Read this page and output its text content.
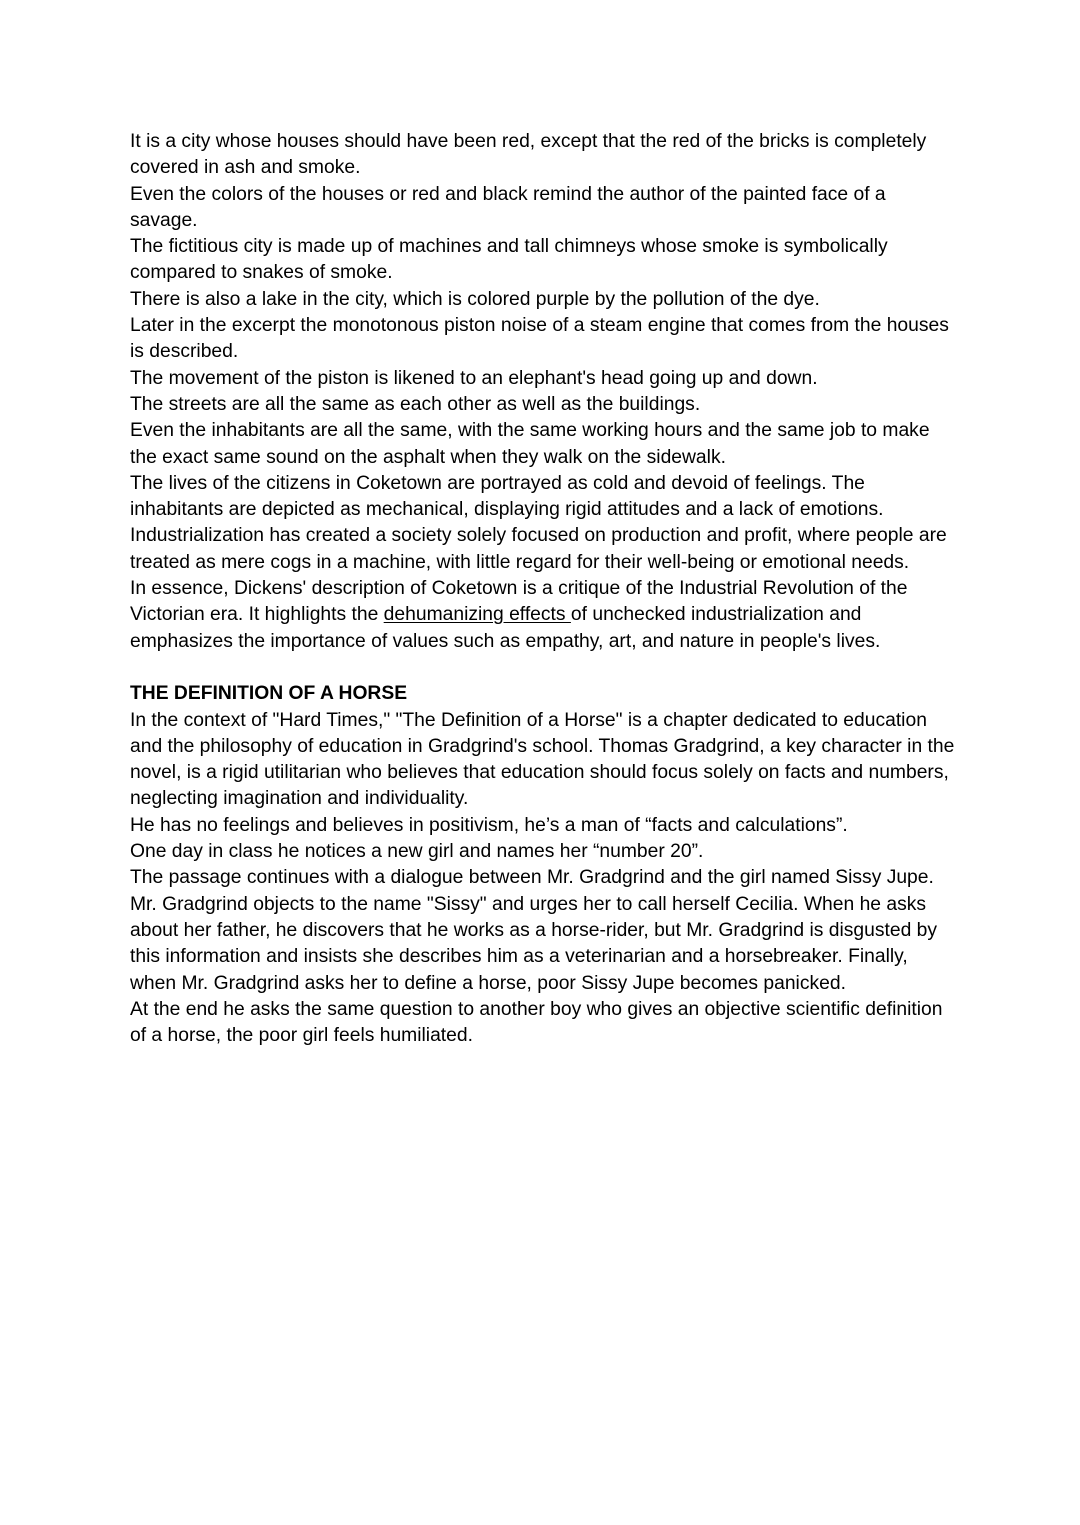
It is a city whose houses should have been red, except that the red of the bricks is completely covered in ash and smoke.

Even the colors of the houses or red and black remind the author of the painted face of a savage.

The fictitious city is made up of machines and tall chimneys whose smoke is symbolically compared to snakes of smoke.

There is also a lake in the city, which is colored purple by the pollution of the dye.

Later in the excerpt the monotonous piston noise of a steam engine that comes from the houses is described.

The movement of the piston is likened to an elephant's head going up and down.

The streets are all the same as each other as well as the buildings.

Even the inhabitants are all the same, with the same working hours and the same job to make the exact same sound on the asphalt when they walk on the sidewalk.

The lives of the citizens in Coketown are portrayed as cold and devoid of feelings. The inhabitants are depicted as mechanical, displaying rigid attitudes and a lack of emotions. Industrialization has created a society solely focused on production and profit, where people are treated as mere cogs in a machine, with little regard for their well-being or emotional needs.

In essence, Dickens' description of Coketown is a critique of the Industrial Revolution of the Victorian era. It highlights the dehumanizing effects of unchecked industrialization and emphasizes the importance of values such as empathy, art, and nature in people's lives.

THE DEFINITION OF A HORSE

In the context of "Hard Times," "The Definition of a Horse" is a chapter dedicated to education and the philosophy of education in Gradgrind's school. Thomas Gradgrind, a key character in the novel, is a rigid utilitarian who believes that education should focus solely on facts and numbers, neglecting imagination and individuality.

He has no feelings and believes in positivism, he’s a man of “facts and calculations”.

One day in class he notices a new girl and names her “number 20”.

The passage continues with a dialogue between Mr. Gradgrind and the girl named Sissy Jupe. Mr. Gradgrind objects to the name "Sissy" and urges her to call herself Cecilia. When he asks about her father, he discovers that he works as a horse-rider, but Mr. Gradgrind is disgusted by this information and insists she describes him as a veterinarian and a horsebreaker. Finally, when Mr. Gradgrind asks her to define a horse, poor Sissy Jupe becomes panicked.

At the end he asks the same question to another boy who gives an objective scientific definition of a horse, the poor girl feels humiliated.
